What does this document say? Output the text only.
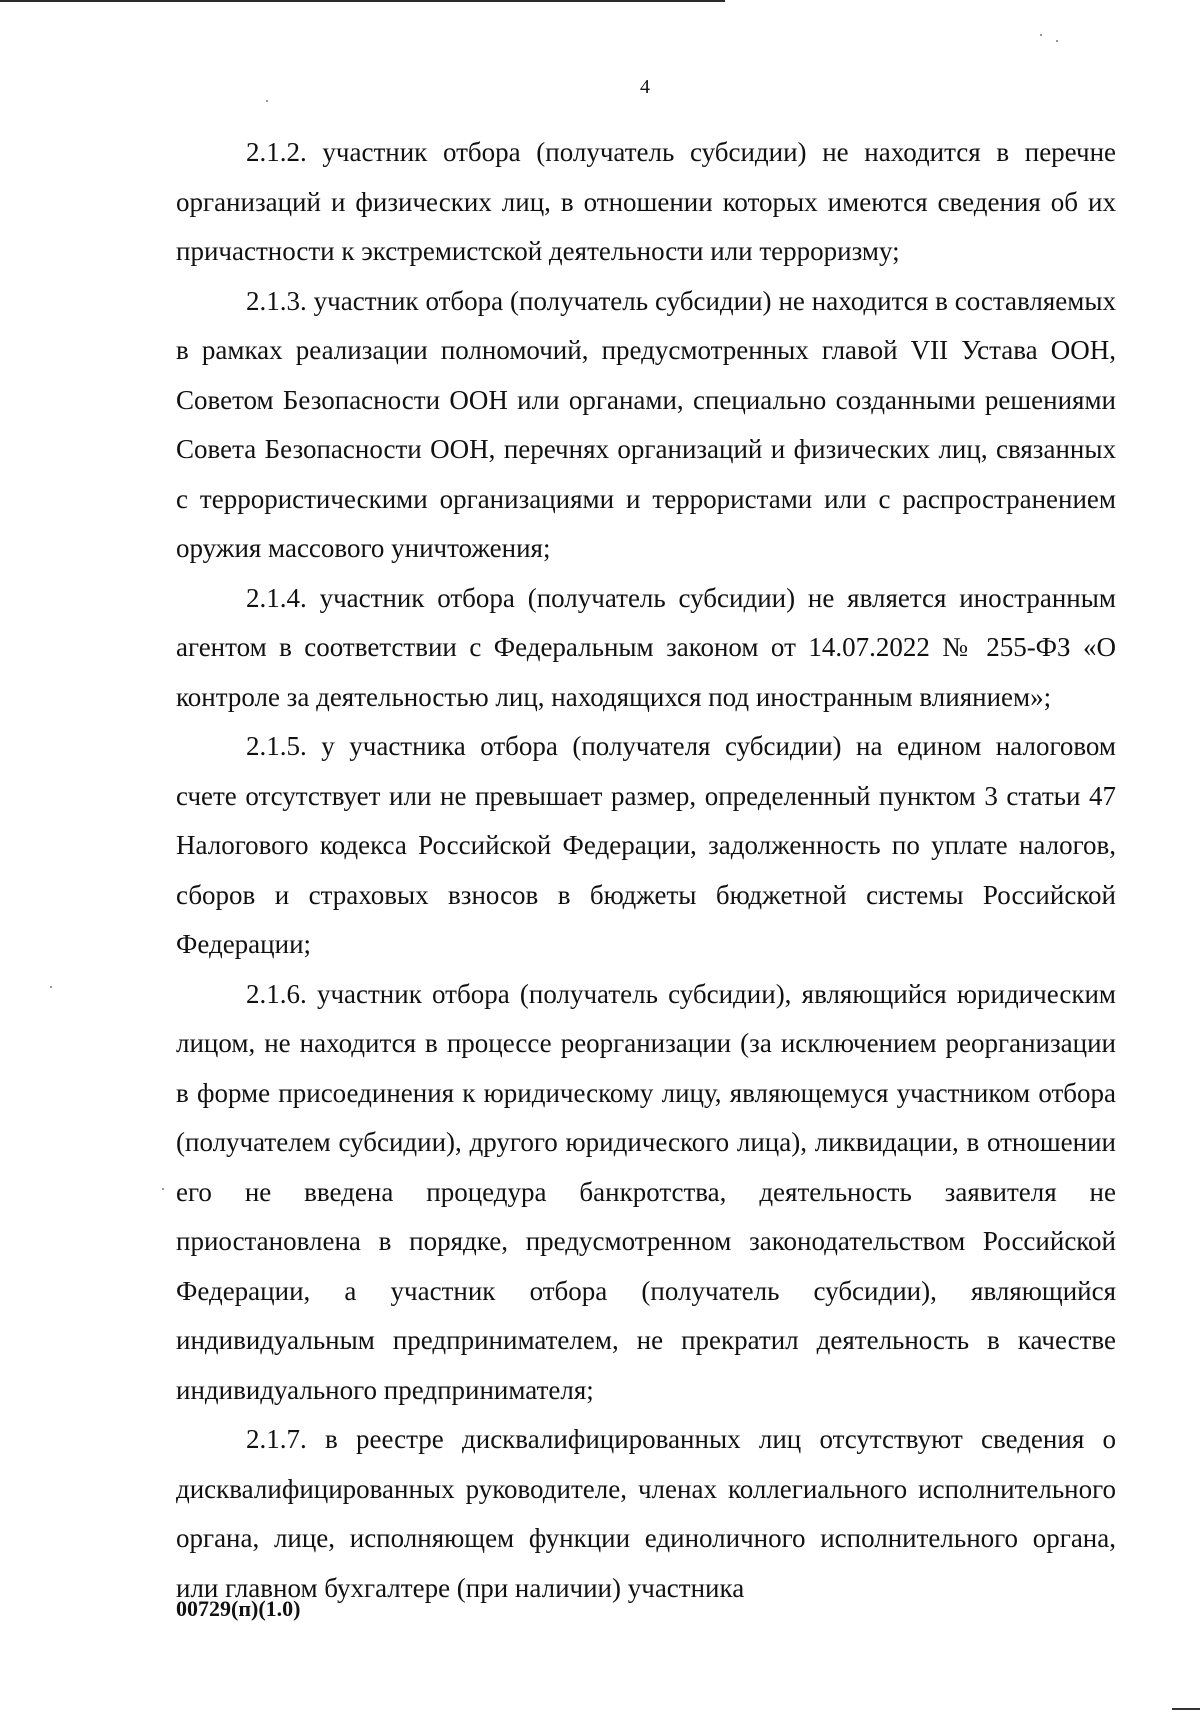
4

2.1.2. участник отбора (получатель субсидии) не находится в перечне организаций и физических лиц, в отношении которых имеются сведения об их причастности к экстремистской деятельности или терроризму;

2.1.3. участник отбора (получатель субсидии) не находится в составляемых в рамках реализации полномочий, предусмотренных главой VII Устава ООН, Советом Безопасности ООН или органами, специально созданными решениями Совета Безопасности ООН, перечнях организаций и физических лиц, связанных с террористическими организациями и террористами или с распространением оружия массового уничтожения;

2.1.4. участник отбора (получатель субсидии) не является иностранным агентом в соответствии с Федеральным законом от 14.07.2022 № 255-ФЗ «О контроле за деятельностью лиц, находящихся под иностранным влиянием»;

2.1.5. у участника отбора (получателя субсидии) на едином налоговом счете отсутствует или не превышает размер, определенный пунктом 3 статьи 47 Налогового кодекса Российской Федерации, задолженность по уплате налогов, сборов и страховых взносов в бюджеты бюджетной системы Российской Федерации;

2.1.6. участник отбора (получатель субсидии), являющийся юридическим лицом, не находится в процессе реорганизации (за исключением реорганизации в форме присоединения к юридическому лицу, являющемуся участником отбора (получателем субсидии), другого юридического лица), ликвидации, в отношении его не введена процедура банкротства, деятельность заявителя не приостановлена в порядке, предусмотренном законодательством Российской Федерации, а участник отбора (получатель субсидии), являющийся индивидуальным предпринимателем, не прекратил деятельность в качестве индивидуального предпринимателя;

2.1.7. в реестре дисквалифицированных лиц отсутствуют сведения о дисквалифицированных руководителе, членах коллегиального исполнительного органа, лице, исполняющем функции единоличного исполнительного органа, или главном бухгалтере (при наличии) участника

00729(п)(1.0)
